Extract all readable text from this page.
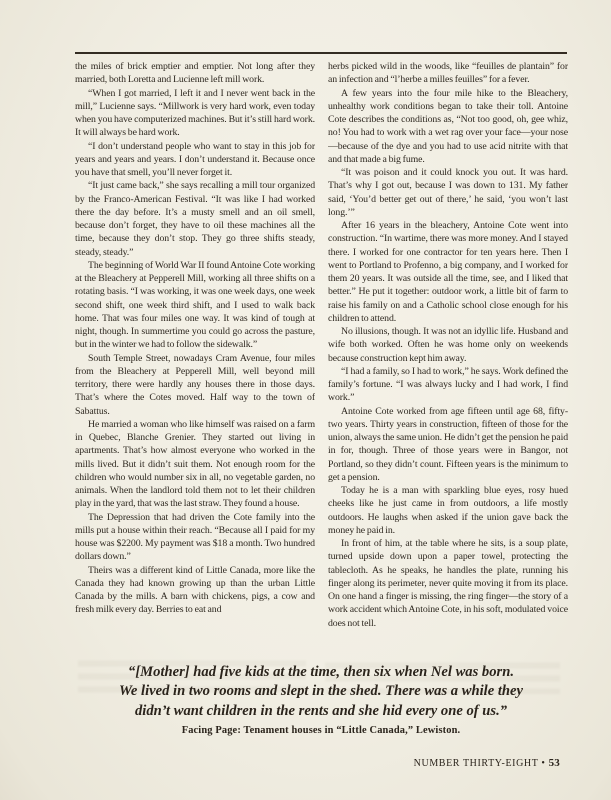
the miles of brick emptier and emptier. Not long after they married, both Loretta and Lucienne left mill work.

“When I got married, I left it and I never went back in the mill,” Lucienne says. “Millwork is very hard work, even today when you have computerized machines. But it’s still hard work. It will always be hard work.

“I don’t understand people who want to stay in this job for years and years and years. I don’t understand it. Because once you have that smell, you’ll never forget it.

“It just came back,” she says recalling a mill tour organized by the Franco-American Festival. “It was like I had worked there the day before. It’s a musty smell and an oil smell, because don’t forget, they have to oil these machines all the time, because they don’t stop. They go three shifts steady, steady, steady.”

The beginning of World War II found Antoine Cote working at the Bleachery at Pepperell Mill, working all three shifts on a rotating basis. “I was working, it was one week days, one week second shift, one week third shift, and I used to walk back home. That was four miles one way. It was kind of tough at night, though. In summertime you could go across the pasture, but in the winter we had to follow the sidewalk.”

South Temple Street, nowadays Cram Avenue, four miles from the Bleachery at Pepperell Mill, well beyond mill territory, there were hardly any houses there in those days. That’s where the Cotes moved. Half way to the town of Sabattus.

He married a woman who like himself was raised on a farm in Quebec, Blanche Grenier. They started out living in apartments. That’s how almost everyone who worked in the mills lived. But it didn’t suit them. Not enough room for the children who would number six in all, no vegetable garden, no animals. When the landlord told them not to let their children play in the yard, that was the last straw. They found a house.

The Depression that had driven the Cote family into the mills put a house within their reach. “Because all I paid for my house was $2200. My payment was $18 a month. Two hundred dollars down.”

Theirs was a different kind of Little Canada, more like the Canada they had known growing up than the urban Little Canada by the mills. A barn with chickens, pigs, a cow and fresh milk every day. Berries to eat and

herbs picked wild in the woods, like “feuilles de plantain” for an infection and “l’herbe a milles feuilles” for a fever.

A few years into the four mile hike to the Bleachery, unhealthy work conditions began to take their toll. Antoine Cote describes the conditions as, “Not too good, oh, gee whiz, no! You had to work with a wet rag over your face—your nose—because of the dye and you had to use acid nitrite with that and that made a big fume.

“It was poison and it could knock you out. It was hard. That’s why I got out, because I was down to 131. My father said, ‘You’d better get out of there,’ he said, ‘you won’t last long.’”

After 16 years in the bleachery, Antoine Cote went into construction. “In wartime, there was more money. And I stayed there. I worked for one contractor for ten years here. Then I went to Portland to Profenno, a big company, and I worked for them 20 years. It was outside all the time, see, and I liked that better.” He put it together: outdoor work, a little bit of farm to raise his family on and a Catholic school close enough for his children to attend.

No illusions, though. It was not an idyllic life. Husband and wife both worked. Often he was home only on weekends because construction kept him away.

“I had a family, so I had to work,” he says. Work defined the family’s fortune. “I was always lucky and I had work, I find work.”

Antoine Cote worked from age fifteen until age 68, fifty-two years. Thirty years in construction, fifteen of those for the union, always the same union. He didn’t get the pension he paid in for, though. Three of those years were in Bangor, not Portland, so they didn’t count. Fifteen years is the minimum to get a pension.

Today he is a man with sparkling blue eyes, rosy hued cheeks like he just came in from outdoors, a life mostly outdoors. He laughs when asked if the union gave back the money he paid in.

In front of him, at the table where he sits, is a soup plate, turned upside down upon a paper towel, protecting the tablecloth. As he speaks, he handles the plate, running his finger along its perimeter, never quite moving it from its place. On one hand a finger is missing, the ring finger—the story of a work accident which Antoine Cote, in his soft, modulated voice does not tell.

“[Mother] had five kids at the time, then six when Nel was born.
We lived in two rooms and slept in the shed. There was a while they
didn’t want children in the rents and she hid every one of us.”
Facing Page: Tenament houses in “Little Canada,” Lewiston.
NUMBER THIRTY-EIGHT • 53
